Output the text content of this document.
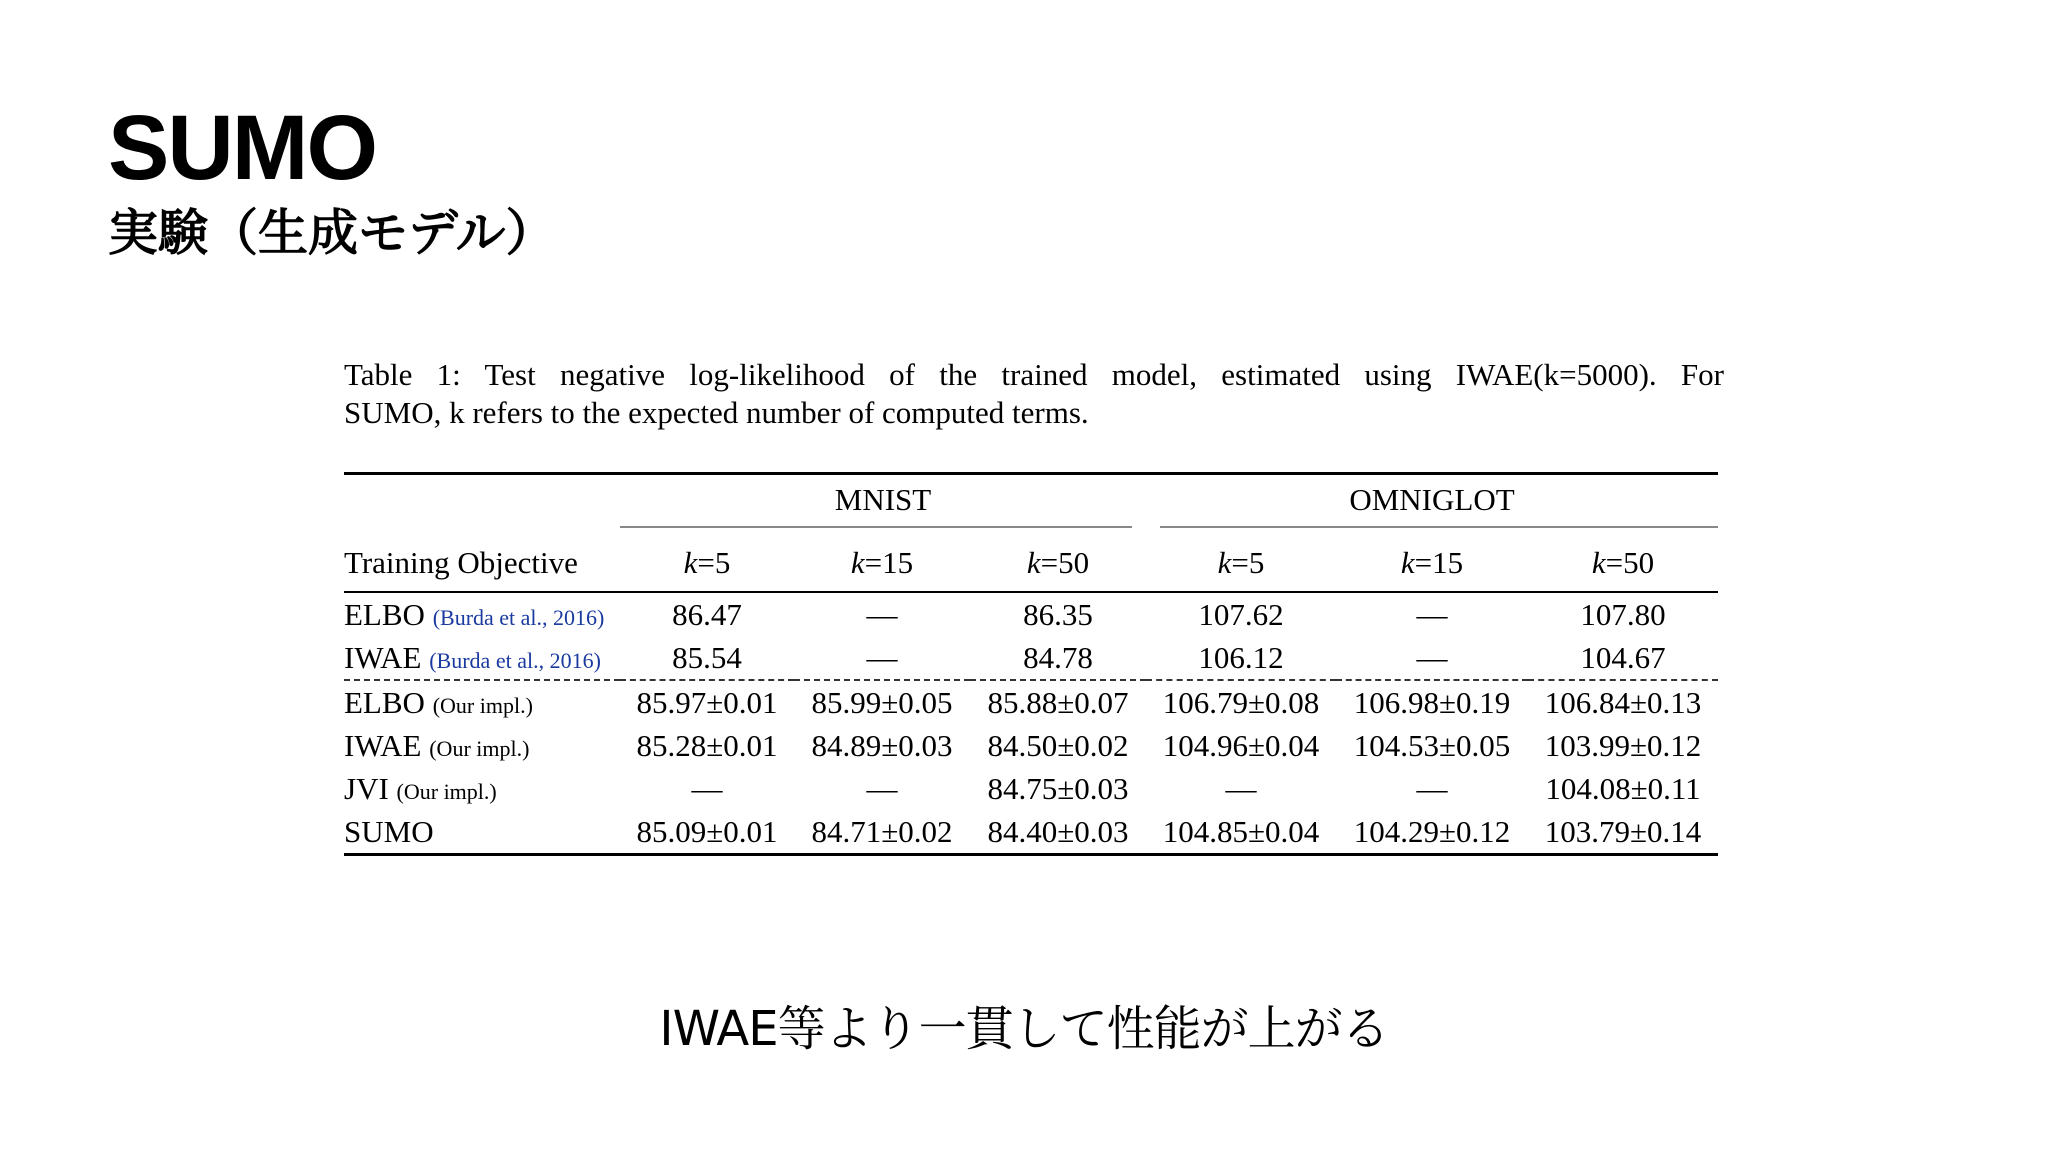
SUMO
実験（生成モデル）
Table 1: Test negative log-likelihood of the trained model, estimated using IWAE(k=5000). For
SUMO, k refers to the expected number of computed terms.
	MNIST			OMNIGLOT		

Training Objective	k=5	k=15	k=50	k=5	k=15	k=50
ELBO (Burda et al., 2016)	86.47	—	86.35	107.62	—	107.80
IWAE (Burda et al., 2016)	85.54	—	84.78	106.12	—	104.67
ELBO (Our impl.)	85.97±0.01	85.99±0.05	85.88±0.07	106.79±0.08	106.98±0.19	106.84±0.13
IWAE (Our impl.)	85.28±0.01	84.89±0.03	84.50±0.02	104.96±0.04	104.53±0.05	103.99±0.12
JVI (Our impl.)	—	—	84.75±0.03	—	—	104.08±0.11
SUMO	85.09±0.01	84.71±0.02	84.40±0.03	104.85±0.04	104.29±0.12	103.79±0.14
IWAE等より一貫して性能が上がる
